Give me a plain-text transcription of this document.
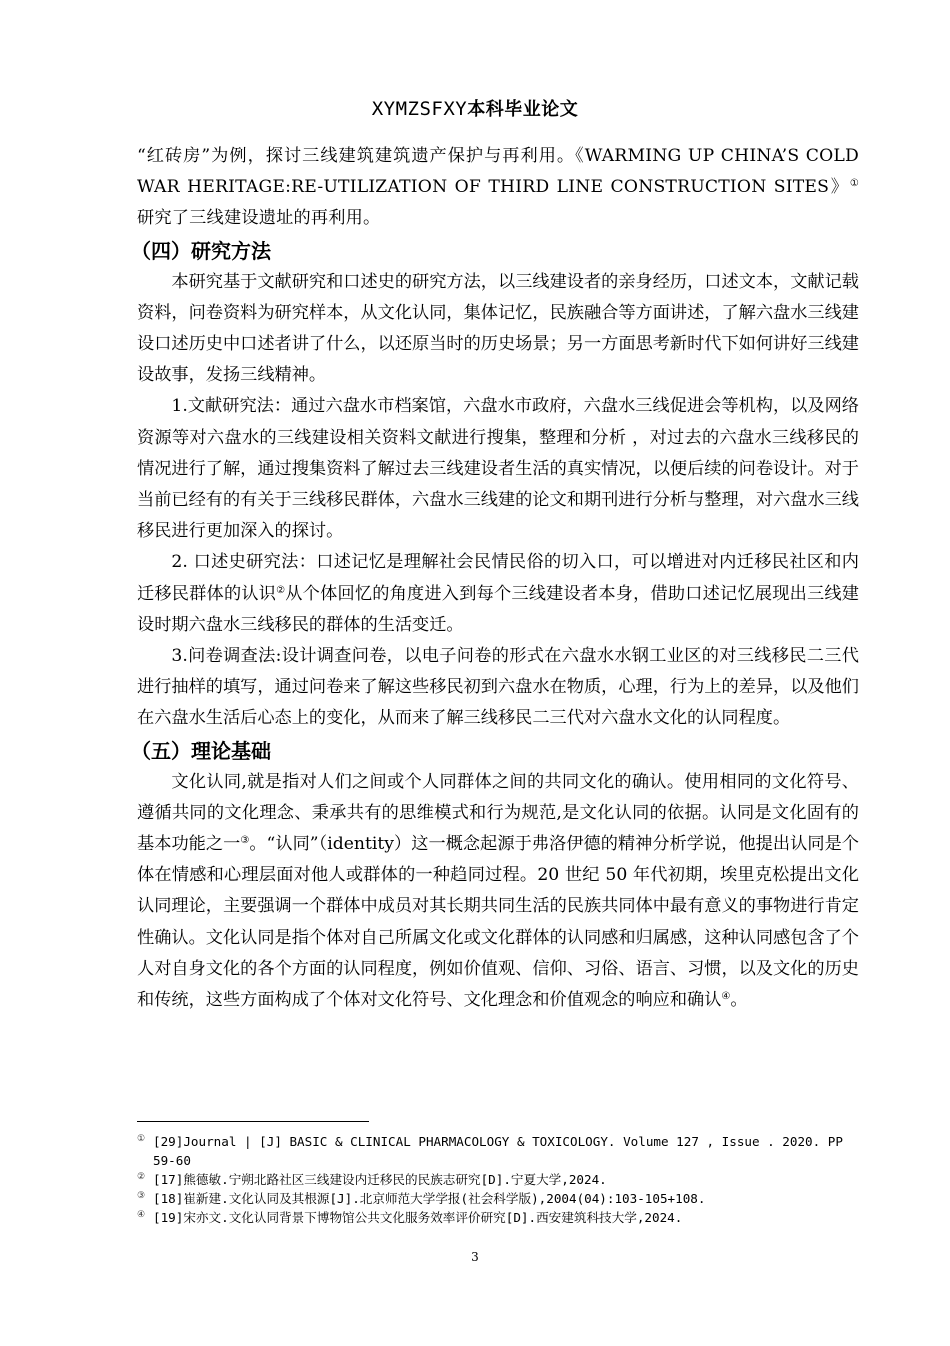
XYMZSFXY本科毕业论文

“红砖房”为例，探讨三线建筑建筑遗产保护与再利用。《WARMING UP CHINA’S COLD WAR HERITAGE:RE-UTILIZATION OF THIRD LINE CONSTRUCTION SITES》①研究了三线建设遗址的再利用。

（四）研究方法

本研究基于文献研究和口述史的研究方法，以三线建设者的亲身经历，口述文本，文献记载资料，问卷资料为研究样本，从文化认同，集体记忆，民族融合等方面讲述，了解六盘水三线建设口述历史中口述者讲了什么，以还原当时的历史场景；另一方面思考新时代下如何讲好三线建设故事，发扬三线精神。

1.文献研究法：通过六盘水市档案馆，六盘水市政府，六盘水三线促进会等机构，以及网络资源等对六盘水的三线建设相关资料文献进行搜集，整理和分析 ，对过去的六盘水三线移民的情况进行了解，通过搜集资料了解过去三线建设者生活的真实情况，以便后续的问卷设计。对于当前已经有的有关于三线移民群体，六盘水三线建的论文和期刊进行分析与整理，对六盘水三线移民进行更加深入的探讨。

2. 口述史研究法：口述记忆是理解社会民情民俗的切入口，可以增进对内迁移民社区和内迁移民群体的认识②从个体回忆的角度进入到每个三线建设者本身，借助口述记忆展现出三线建设时期六盘水三线移民的群体的生活变迁。

3.问卷调查法:设计调查问卷，以电子问卷的形式在六盘水水钢工业区的对三线移民二三代进行抽样的填写，通过问卷来了解这些移民初到六盘水在物质，心理，行为上的差异，以及他们在六盘水生活后心态上的变化，从而来了解三线移民二三代对六盘水文化的认同程度。

（五）理论基础

文化认同,就是指对人们之间或个人同群体之间的共同文化的确认。使用相同的文化符号、遵循共同的文化理念、秉承共有的思维模式和行为规范,是文化认同的依据。认同是文化固有的基本功能之一③。“认同”（identity）这一概念起源于弗洛伊德的精神分析学说，他提出认同是个体在情感和心理层面对他人或群体的一种趋同过程。20 世纪 50 年代初期，埃里克松提出文化认同理论，主要强调一个群体中成员对其长期共同生活的民族共同体中最有意义的事物进行肯定性确认。文化认同是指个体对自己所属文化或文化群体的认同感和归属感，这种认同感包含了个人对自身文化的各个方面的认同程度，例如价值观、信仰、习俗、语言、习惯，以及文化的历史和传统，这些方面构成了个体对文化符号、文化理念和价值观念的响应和确认④。

① [29]Journal | [J] BASIC & CLINICAL PHARMACOLOGY & TOXICOLOGY. Volume 127 , Issue . 2020. PP 59-60

② [17]熊德敏.宁朔北路社区三线建设内迁移民的民族志研究[D].宁夏大学,2024.

③ [18]崔新建.文化认同及其根源[J].北京师范大学学报(社会科学版),2004(04):103-105+108.

④ [19]宋亦文.文化认同背景下博物馆公共文化服务效率评价研究[D].西安建筑科技大学,2024.

3
